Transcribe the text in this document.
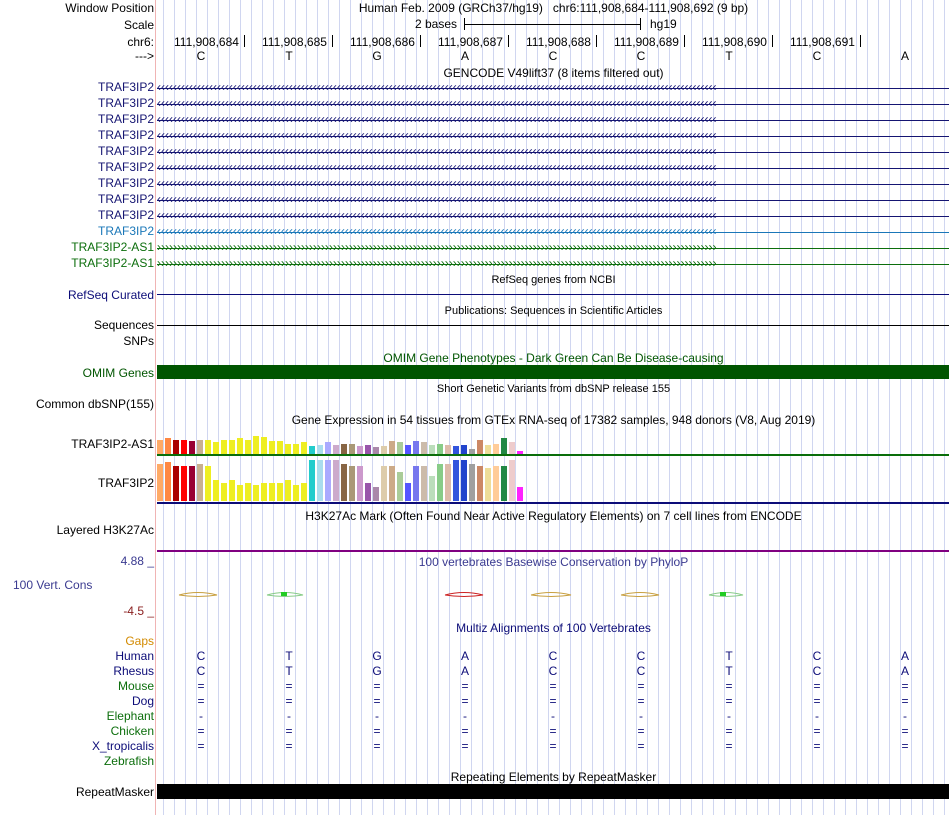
Window Position	Human Feb. 2009 (GRCh37/hg19)   chr6:111,908,684-111,908,692 (9 bp)
Scale	2 bases	hg19
chr6: 111,908,684 111,908,685 111,908,686 111,908,687 111,908,688 111,908,689 111,908,690 111,908,691
--->	C	T	G	A	C	C	T	C	A
GENCODE V49lift37 (8 items filtered out)
TRAF3IP2 ‹‹‹‹‹‹‹‹‹‹‹‹‹‹‹‹‹‹‹‹‹‹‹‹‹‹‹‹‹‹‹‹‹‹‹‹‹‹‹‹‹‹‹‹‹‹‹‹‹‹‹‹‹‹‹‹‹‹‹‹‹‹‹‹‹‹‹‹‹‹‹‹‹‹‹‹‹‹‹‹‹‹‹‹‹‹‹‹‹‹‹‹‹‹‹‹‹‹‹‹‹‹‹‹‹‹‹‹‹‹‹‹‹‹‹‹‹‹‹‹‹‹‹‹‹‹‹‹‹‹‹‹‹‹‹‹‹‹‹‹
TRAF3IP2 ‹‹‹‹‹‹‹‹‹‹‹‹‹‹‹‹‹‹‹‹‹‹‹‹‹‹‹‹‹‹‹‹‹‹‹‹‹‹‹‹‹‹‹‹‹‹‹‹‹‹‹‹‹‹‹‹‹‹‹‹‹‹‹‹‹‹‹‹‹‹‹‹‹‹‹‹‹‹‹‹‹‹‹‹‹‹‹‹‹‹‹‹‹‹‹‹‹‹‹‹‹‹‹‹‹‹‹‹‹‹‹‹‹‹‹‹‹‹‹‹‹‹‹‹‹‹‹‹‹‹‹‹‹‹‹‹‹‹‹‹
TRAF3IP2 ‹‹‹‹‹‹‹‹‹‹‹‹‹‹‹‹‹‹‹‹‹‹‹‹‹‹‹‹‹‹‹‹‹‹‹‹‹‹‹‹‹‹‹‹‹‹‹‹‹‹‹‹‹‹‹‹‹‹‹‹‹‹‹‹‹‹‹‹‹‹‹‹‹‹‹‹‹‹‹‹‹‹‹‹‹‹‹‹‹‹‹‹‹‹‹‹‹‹‹‹‹‹‹‹‹‹‹‹‹‹‹‹‹‹‹‹‹‹‹‹‹‹‹‹‹‹‹‹‹‹‹‹‹‹‹‹‹‹‹‹
TRAF3IP2 ‹‹‹‹‹‹‹‹‹‹‹‹‹‹‹‹‹‹‹‹‹‹‹‹‹‹‹‹‹‹‹‹‹‹‹‹‹‹‹‹‹‹‹‹‹‹‹‹‹‹‹‹‹‹‹‹‹‹‹‹‹‹‹‹‹‹‹‹‹‹‹‹‹‹‹‹‹‹‹‹‹‹‹‹‹‹‹‹‹‹‹‹‹‹‹‹‹‹‹‹‹‹‹‹‹‹‹‹‹‹‹‹‹‹‹‹‹‹‹‹‹‹‹‹‹‹‹‹‹‹‹‹‹‹‹‹‹‹‹‹
TRAF3IP2 ‹‹‹‹‹‹‹‹‹‹‹‹‹‹‹‹‹‹‹‹‹‹‹‹‹‹‹‹‹‹‹‹‹‹‹‹‹‹‹‹‹‹‹‹‹‹‹‹‹‹‹‹‹‹‹‹‹‹‹‹‹‹‹‹‹‹‹‹‹‹‹‹‹‹‹‹‹‹‹‹‹‹‹‹‹‹‹‹‹‹‹‹‹‹‹‹‹‹‹‹‹‹‹‹‹‹‹‹‹‹‹‹‹‹‹‹‹‹‹‹‹‹‹‹‹‹‹‹‹‹‹‹‹‹‹‹‹‹‹‹
TRAF3IP2 ‹‹‹‹‹‹‹‹‹‹‹‹‹‹‹‹‹‹‹‹‹‹‹‹‹‹‹‹‹‹‹‹‹‹‹‹‹‹‹‹‹‹‹‹‹‹‹‹‹‹‹‹‹‹‹‹‹‹‹‹‹‹‹‹‹‹‹‹‹‹‹‹‹‹‹‹‹‹‹‹‹‹‹‹‹‹‹‹‹‹‹‹‹‹‹‹‹‹‹‹‹‹‹‹‹‹‹‹‹‹‹‹‹‹‹‹‹‹‹‹‹‹‹‹‹‹‹‹‹‹‹‹‹‹‹‹‹‹‹‹
TRAF3IP2 ‹‹‹‹‹‹‹‹‹‹‹‹‹‹‹‹‹‹‹‹‹‹‹‹‹‹‹‹‹‹‹‹‹‹‹‹‹‹‹‹‹‹‹‹‹‹‹‹‹‹‹‹‹‹‹‹‹‹‹‹‹‹‹‹‹‹‹‹‹‹‹‹‹‹‹‹‹‹‹‹‹‹‹‹‹‹‹‹‹‹‹‹‹‹‹‹‹‹‹‹‹‹‹‹‹‹‹‹‹‹‹‹‹‹‹‹‹‹‹‹‹‹‹‹‹‹‹‹‹‹‹‹‹‹‹‹‹‹‹‹
TRAF3IP2 ‹‹‹‹‹‹‹‹‹‹‹‹‹‹‹‹‹‹‹‹‹‹‹‹‹‹‹‹‹‹‹‹‹‹‹‹‹‹‹‹‹‹‹‹‹‹‹‹‹‹‹‹‹‹‹‹‹‹‹‹‹‹‹‹‹‹‹‹‹‹‹‹‹‹‹‹‹‹‹‹‹‹‹‹‹‹‹‹‹‹‹‹‹‹‹‹‹‹‹‹‹‹‹‹‹‹‹‹‹‹‹‹‹‹‹‹‹‹‹‹‹‹‹‹‹‹‹‹‹‹‹‹‹‹‹‹‹‹‹‹
TRAF3IP2 ‹‹‹‹‹‹‹‹‹‹‹‹‹‹‹‹‹‹‹‹‹‹‹‹‹‹‹‹‹‹‹‹‹‹‹‹‹‹‹‹‹‹‹‹‹‹‹‹‹‹‹‹‹‹‹‹‹‹‹‹‹‹‹‹‹‹‹‹‹‹‹‹‹‹‹‹‹‹‹‹‹‹‹‹‹‹‹‹‹‹‹‹‹‹‹‹‹‹‹‹‹‹‹‹‹‹‹‹‹‹‹‹‹‹‹‹‹‹‹‹‹‹‹‹‹‹‹‹‹‹‹‹‹‹‹‹‹‹‹‹
TRAF3IP2 ‹‹‹‹‹‹‹‹‹‹‹‹‹‹‹‹‹‹‹‹‹‹‹‹‹‹‹‹‹‹‹‹‹‹‹‹‹‹‹‹‹‹‹‹‹‹‹‹‹‹‹‹‹‹‹‹‹‹‹‹‹‹‹‹‹‹‹‹‹‹‹‹‹‹‹‹‹‹‹‹‹‹‹‹‹‹‹‹‹‹‹‹‹‹‹‹‹‹‹‹‹‹‹‹‹‹‹‹‹‹‹‹‹‹‹‹‹‹‹‹‹‹‹‹‹‹‹‹‹‹‹‹‹‹‹‹‹‹‹‹
TRAF3IP2-AS1 ››››››››››››››››››››››››››››››››››››››››››››››››››››››››››››››››››››››››››››››››››››››››››››››››››››››››››››››››››››››››››››››››››››››››››››
TRAF3IP2-AS1 ››››››››››››››››››››››››››››››››››››››››››››››››››››››››››››››››››››››››››››››››››››››››››››››››››››››››››››››››››››››››››››››››››››››››››››
RefSeq genes from NCBI
RefSeq Curated
Publications: Sequences in Scientific Articles
Sequences
SNPs
OMIM Gene Phenotypes - Dark Green Can Be Disease-causing
OMIM Genes
Short Genetic Variants from dbSNP release 155
Common dbSNP(155)
Gene Expression in 54 tissues from GTEx RNA-seq of 17382 samples, 948 donors (V8, Aug 2019)
TRAF3IP2-AS1
TRAF3IP2
H3K27Ac Mark (Often Found Near Active Regulatory Elements) on 7 cell lines from ENCODE
Layered H3K27Ac
4.88 _	100 vertebrates Basewise Conservation by PhyloP
100 Vert. Cons
-4.5 _
Multiz Alignments of 100 Vertebrates
Gaps
Human	C	T	G	A	C	C	T	C	A
Rhesus	C	T	G	A	C	C	T	C	A
Mouse	=	=	=	=	=	=	=	=	=
Dog	=	=	=	=	=	=	=	=	=
Elephant	-	-	-	-	-	-	-	-	-
Chicken	=	=	=	=	=	=	=	=	=
X_tropicalis	=	=	=	=	=	=	=	=	=
Zebrafish
Repeating Elements by RepeatMasker
RepeatMasker
